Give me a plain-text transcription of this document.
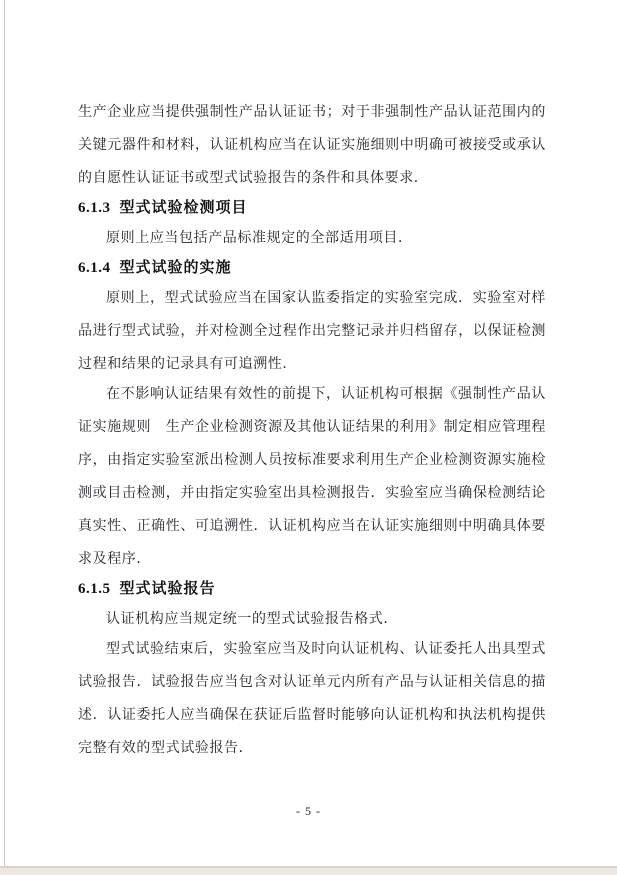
生产企业应当提供强制性产品认证证书；对于非强制性产品认证范围内的关键元器件和材料，认证机构应当在认证实施细则中明确可被接受或承认的自愿性认证证书或型式试验报告的条件和具体要求．

6.1.3 型式试验检测项目

原则上应当包括产品标准规定的全部适用项目．

6.1.4 型式试验的实施

原则上，型式试验应当在国家认监委指定的实验室完成．实验室对样品进行型式试验，并对检测全过程作出完整记录并归档留存，以保证检测过程和结果的记录具有可追溯性．

在不影响认证结果有效性的前提下，认证机构可根据《强制性产品认证实施规则　生产企业检测资源及其他认证结果的利用》制定相应管理程序，由指定实验室派出检测人员按标准要求利用生产企业检测资源实施检测或目击检测，并由指定实验室出具检测报告．实验室应当确保检测结论真实性、正确性、可追溯性．认证机构应当在认证实施细则中明确具体要求及程序．

6.1.5 型式试验报告

认证机构应当规定统一的型式试验报告格式．

型式试验结束后，实验室应当及时向认证机构、认证委托人出具型式试验报告．试验报告应当包含对认证单元内所有产品与认证相关信息的描述．认证委托人应当确保在获证后监督时能够向认证机构和执法机构提供完整有效的型式试验报告．

- 5 -
